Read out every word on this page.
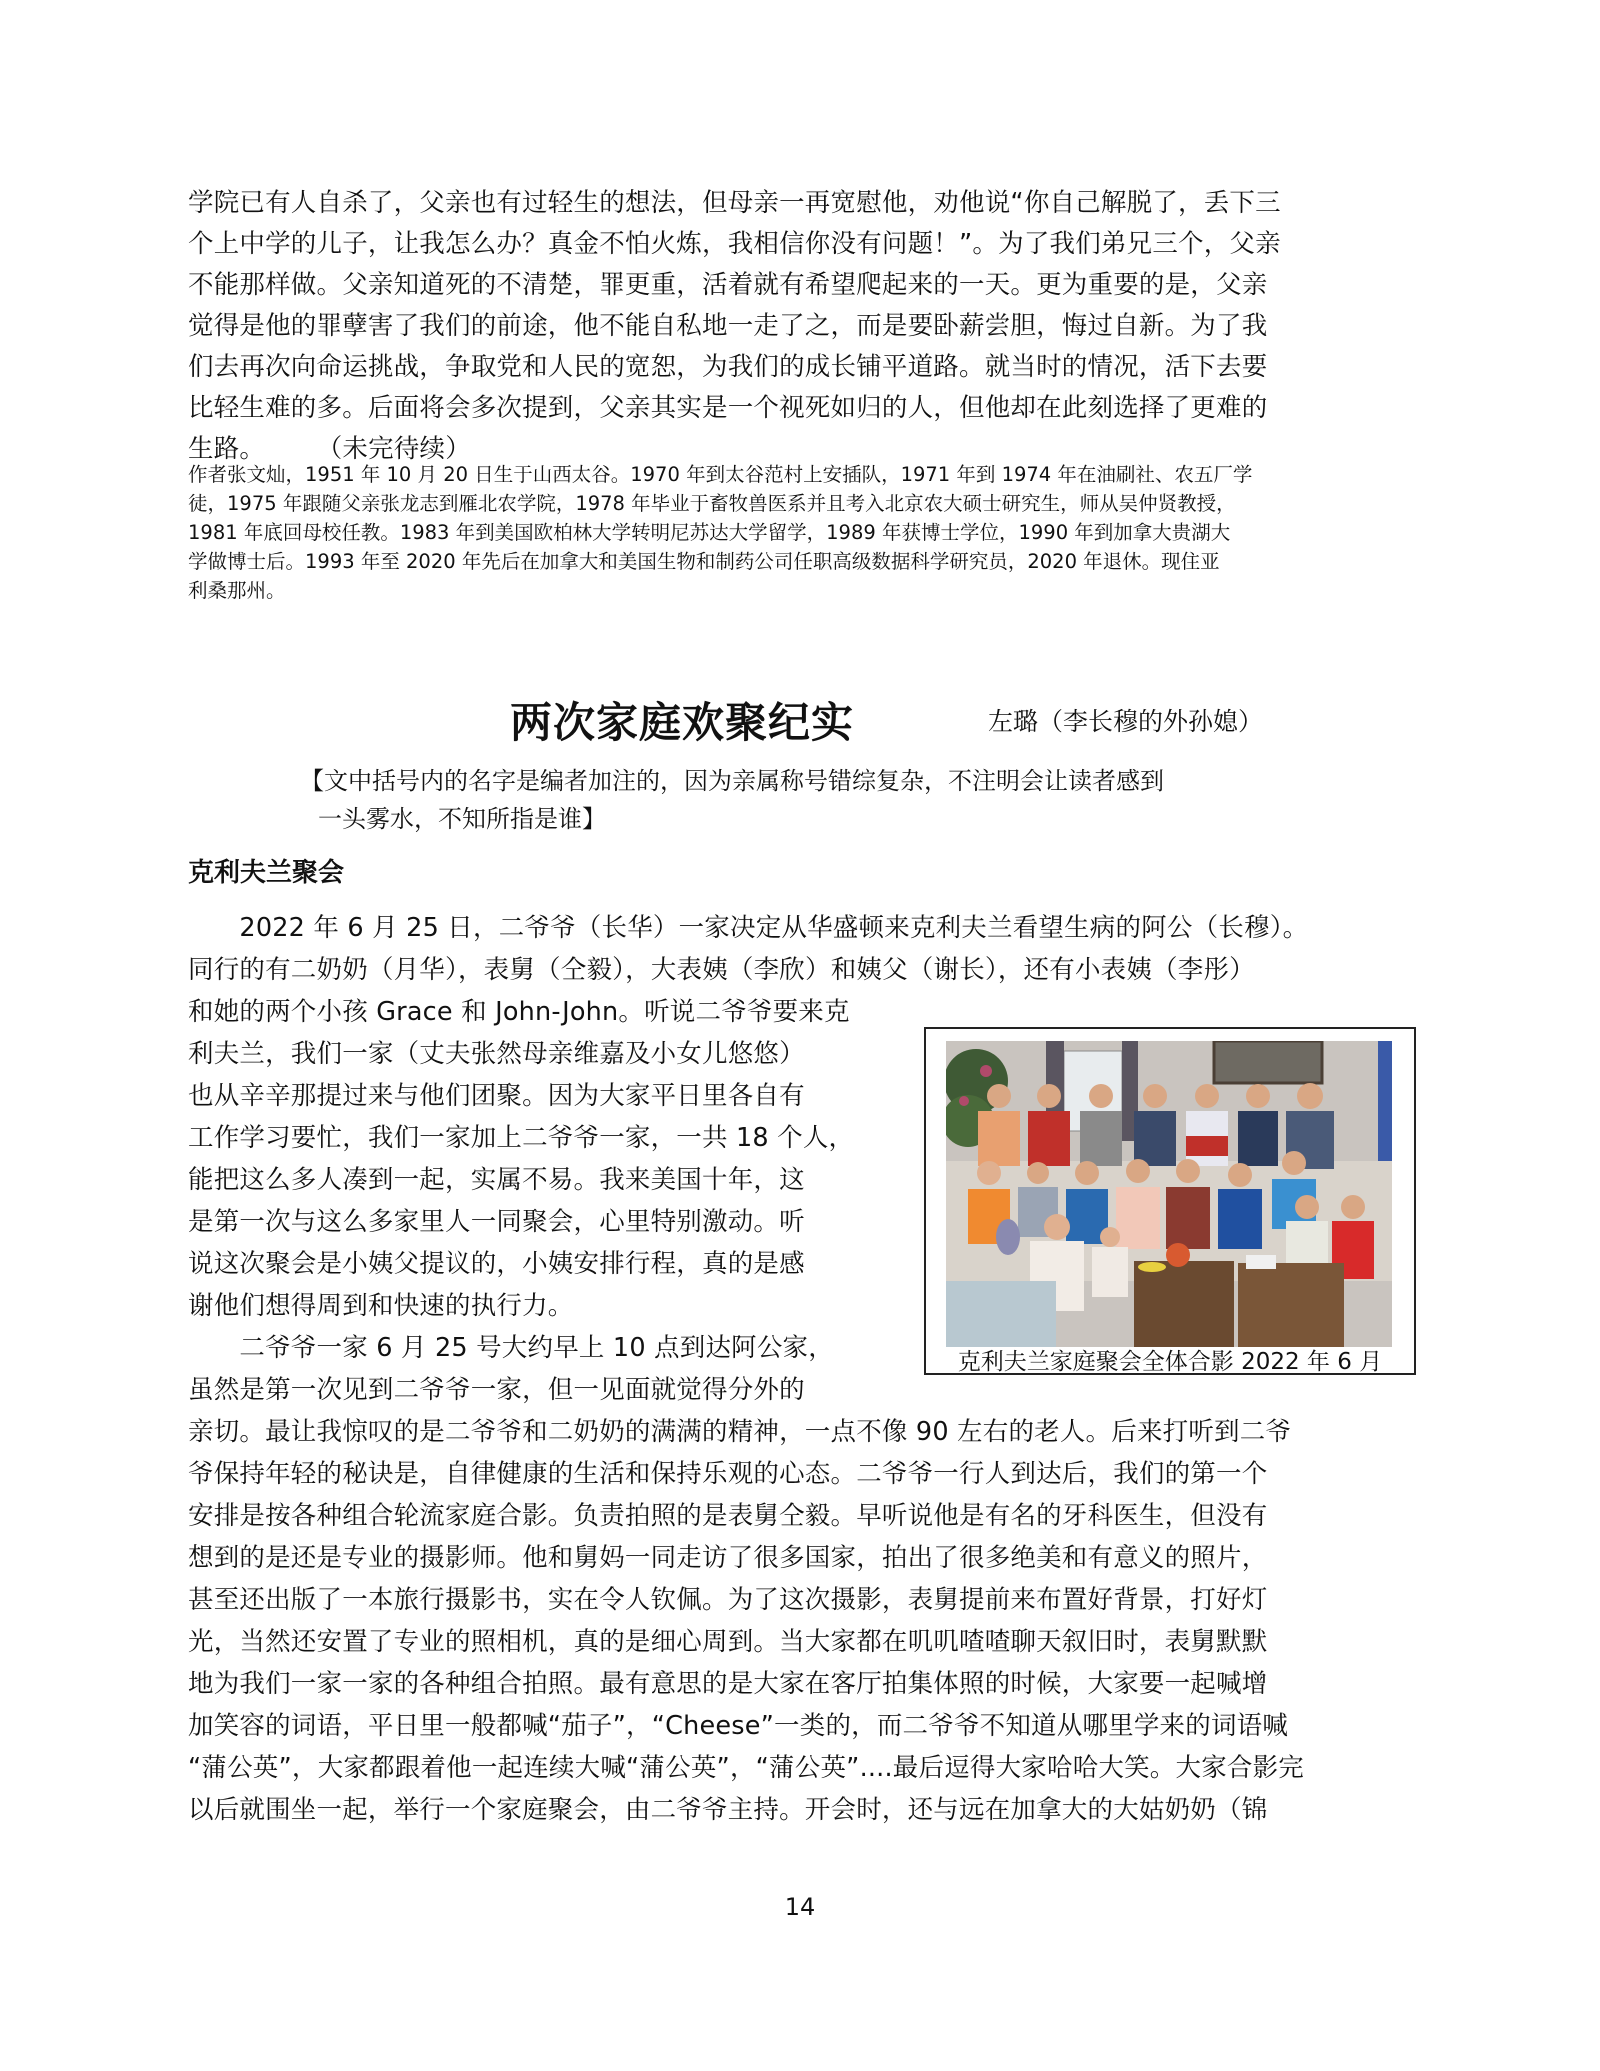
学院已有人自杀了，父亲也有过轻生的想法，但母亲一再宽慰他，劝他说“你自己解脱了，丢下三
个上中学的儿子，让我怎么办？真金不怕火炼，我相信你没有问题！”。为了我们弟兄三个，父亲
不能那样做。父亲知道死的不清楚，罪更重，活着就有希望爬起来的一天。更为重要的是，父亲
觉得是他的罪孽害了我们的前途，他不能自私地一走了之，而是要卧薪尝胆，悔过自新。为了我
们去再次向命运挑战，争取党和人民的宽恕，为我们的成长铺平道路。就当时的情况，活下去要
比轻生难的多。后面将会多次提到，父亲其实是一个视死如归的人，但他却在此刻选择了更难的
生路。　　　（未完待续）
作者张文灿，1951 年 10 月 20 日生于山西太谷。1970 年到太谷范村上安插队，1971 年到 1974 年在油刷社、农五厂学
徒，1975 年跟随父亲张龙志到雁北农学院，1978 年毕业于畜牧兽医系并且考入北京农大硕士研究生，师从吴仲贤教授，
1981 年底回母校任教。1983 年到美国欧柏林大学转明尼苏达大学留学，1989 年获博士学位，1990 年到加拿大贵湖大
学做博士后。1993 年至 2020 年先后在加拿大和美国生物和制药公司任职高级数据科学研究员，2020 年退休。现住亚
利桑那州。
两次家庭欢聚纪实	左璐（李长穆的外孙媳）
【文中括号内的名字是编者加注的，因为亲属称号错综复杂，不注明会让读者感到
一头雾水，不知所指是谁】
克利夫兰聚会
　　2022 年 6 月 25 日，二爷爷（长华）一家决定从华盛顿来克利夫兰看望生病的阿公（长穆）。
同行的有二奶奶（月华），表舅（仝毅），大表姨（李欣）和姨父（谢长），还有小表姨（李彤）
和她的两个小孩 Grace 和 John-John。听说二爷爷要来克
利夫兰，我们一家（丈夫张然母亲维嘉及小女儿悠悠）
也从辛辛那提过来与他们团聚。因为大家平日里各自有
工作学习要忙，我们一家加上二爷爷一家，一共 18 个人，
能把这么多人凑到一起，实属不易。我来美国十年，这
是第一次与这么多家里人一同聚会，心里特别激动。听
说这次聚会是小姨父提议的，小姨安排行程，真的是感
谢他们想得周到和快速的执行力。
　　二爷爷一家 6 月 25 号大约早上 10 点到达阿公家，
虽然是第一次见到二爷爷一家，但一见面就觉得分外的
亲切。最让我惊叹的是二爷爷和二奶奶的满满的精神，一点不像 90 左右的老人。后来打听到二爷
爷保持年轻的秘诀是，自律健康的生活和保持乐观的心态。二爷爷一行人到达后，我们的第一个
安排是按各种组合轮流家庭合影。负责拍照的是表舅仝毅。早听说他是有名的牙科医生，但没有
想到的是还是专业的摄影师。他和舅妈一同走访了很多国家，拍出了很多绝美和有意义的照片，
甚至还出版了一本旅行摄影书，实在令人钦佩。为了这次摄影，表舅提前来布置好背景，打好灯
光，当然还安置了专业的照相机，真的是细心周到。当大家都在叽叽喳喳聊天叙旧时，表舅默默
地为我们一家一家的各种组合拍照。最有意思的是大家在客厅拍集体照的时候，大家要一起喊增
加笑容的词语，平日里一般都喊“茄子”，“Cheese”一类的，而二爷爷不知道从哪里学来的词语喊
“蒲公英”，大家都跟着他一起连续大喊“蒲公英”，“蒲公英”....最后逗得大家哈哈大笑。大家合影完
以后就围坐一起，举行一个家庭聚会，由二爷爷主持。开会时，还与远在加拿大的大姑奶奶（锦
克利夫兰家庭聚会全体合影 2022 年 6 月
14
